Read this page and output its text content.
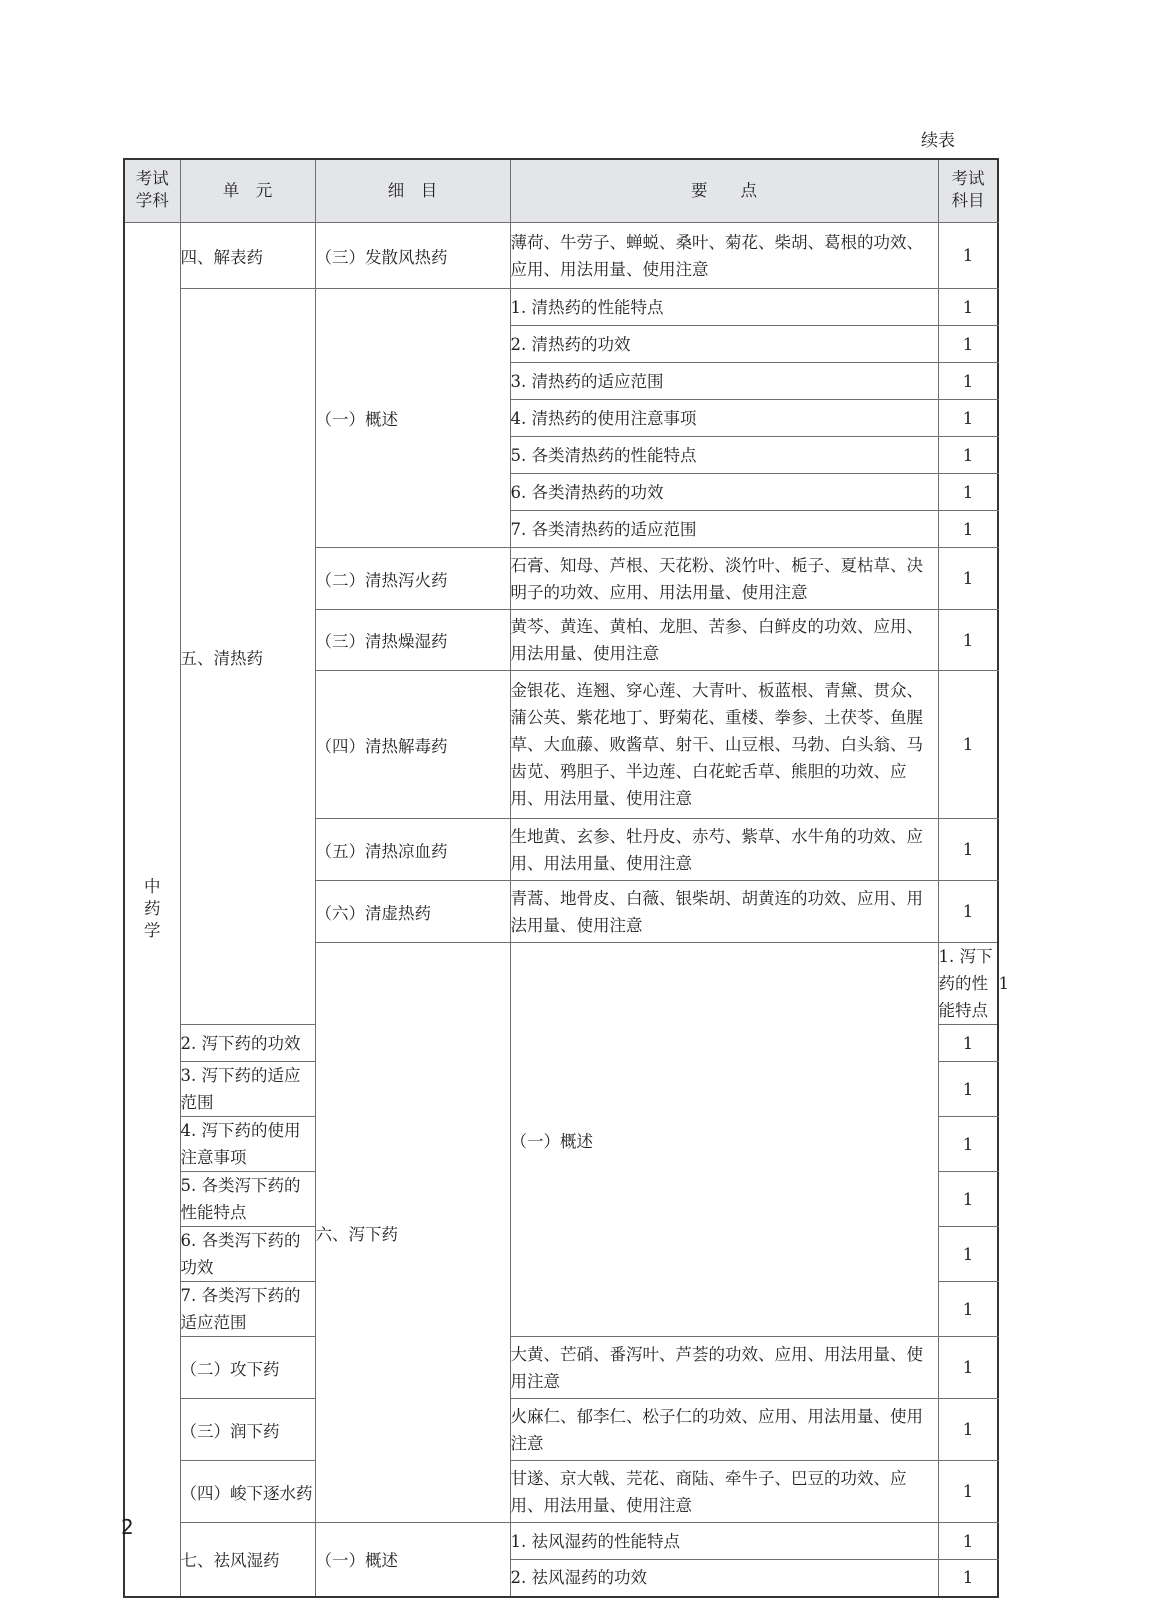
续表
考试学科	单　元	细　目	要　　点	考试科目	
中药学	四、解表药	（三）发散风热药	薄荷、牛劳子、蝉蜕、桑叶、菊花、柴胡、葛根的功效、应用、用法用量、使用注意	1	
	五、清热药	（一）概述	1. 清热药的性能特点	1	
			2. 清热药的功效	1	
			3. 清热药的适应范围	1	
			4. 清热药的使用注意事项	1	
			5. 各类清热药的性能特点	1	
			6. 各类清热药的功效	1	
			7. 各类清热药的适应范围	1	
		（二）清热泻火药	石膏、知母、芦根、天花粉、淡竹叶、栀子、夏枯草、决明子的功效、应用、用法用量、使用注意	1	
		（三）清热燥湿药	黄芩、黄连、黄柏、龙胆、苦参、白鲜皮的功效、应用、用法用量、使用注意	1	
		（四）清热解毒药	金银花、连翘、穿心莲、大青叶、板蓝根、青黛、贯众、蒲公英、紫花地丁、野菊花、重楼、拳参、土茯苓、鱼腥草、大血藤、败酱草、射干、山豆根、马勃、白头翁、马齿苋、鸦胆子、半边莲、白花蛇舌草、熊胆的功效、应用、用法用量、使用注意	1	
		（五）清热凉血药	生地黄、玄参、牡丹皮、赤芍、紫草、水牛角的功效、应用、用法用量、使用注意	1	
		（六）清虚热药	青蒿、地骨皮、白薇、银柴胡、胡黄连的功效、应用、用法用量、使用注意	1	
		六、泻下药	（一）概述	1. 泻下药的性能特点	1
	2. 泻下药的功效			1	
	3. 泻下药的适应范围			1	
	4. 泻下药的使用注意事项			1	
	5. 各类泻下药的性能特点			1	
	6. 各类泻下药的功效			1	
	7. 各类泻下药的适应范围			1	
	（二）攻下药		大黄、芒硝、番泻叶、芦荟的功效、应用、用法用量、使用注意	1	
	（三）润下药		火麻仁、郁李仁、松子仁的功效、应用、用法用量、使用注意	1	
	（四）峻下逐水药		甘遂、京大戟、芫花、商陆、牵牛子、巴豆的功效、应用、用法用量、使用注意	1	
	七、祛风湿药	（一）概述	1. 祛风湿药的性能特点	1	
			2. 祛风湿药的功效	1	
2
